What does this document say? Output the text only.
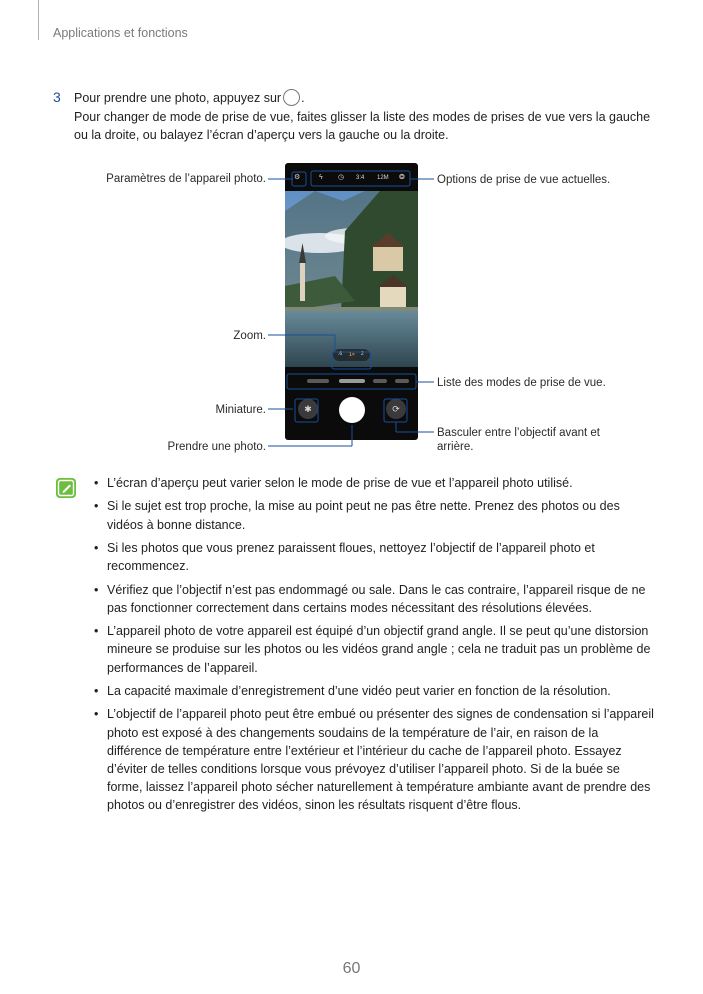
Applications et fonctions
3 Pour prendre une photo, appuyez sur .
Pour changer de mode de prise de vue, faites glisser la liste des modes de prises de vue vers la gauche ou la droite, ou balayez l’écran d’aperçu vers la gauche ou la droite.
⚙	ϟ ◷ 3:4 12M ❂
.6	1×	2
✱	⟳
Paramètres de l’appareil photo.	Options de prise de vue actuelles.
Zoom.
Liste des modes de prise de vue.
Miniature.
Prendre une photo.
Basculer entre l’objectif avant et arrière.
• L’écran d’aperçu peut varier selon le mode de prise de vue et l’appareil photo utilisé.
• Si le sujet est trop proche, la mise au point peut ne pas être nette. Prenez des photos ou des vidéos à bonne distance.
• Si les photos que vous prenez paraissent floues, nettoyez l’objectif de l’appareil photo et recommencez.
• Vérifiez que l’objectif n’est pas endommagé ou sale. Dans le cas contraire, l’appareil risque de ne pas fonctionner correctement dans certains modes nécessitant des résolutions élevées.
• L’appareil photo de votre appareil est équipé d’un objectif grand angle. Il se peut qu’une distorsion mineure se produise sur les photos ou les vidéos grand angle ; cela ne traduit pas un problème de performances de l’appareil.
• La capacité maximale d’enregistrement d’une vidéo peut varier en fonction de la résolution.
• L’objectif de l’appareil photo peut être embué ou présenter des signes de condensation si l’appareil photo est exposé à des changements soudains de la température de l’air, en raison de la différence de température entre l’extérieur et l’intérieur du cache de l’appareil photo. Essayez d’éviter de telles conditions lorsque vous prévoyez d’utiliser l’appareil photo. Si de la buée se forme, laissez l’appareil photo sécher naturellement à température ambiante avant de prendre des photos ou d’enregistrer des vidéos, sinon les résultats risquent d’être flous.
60
